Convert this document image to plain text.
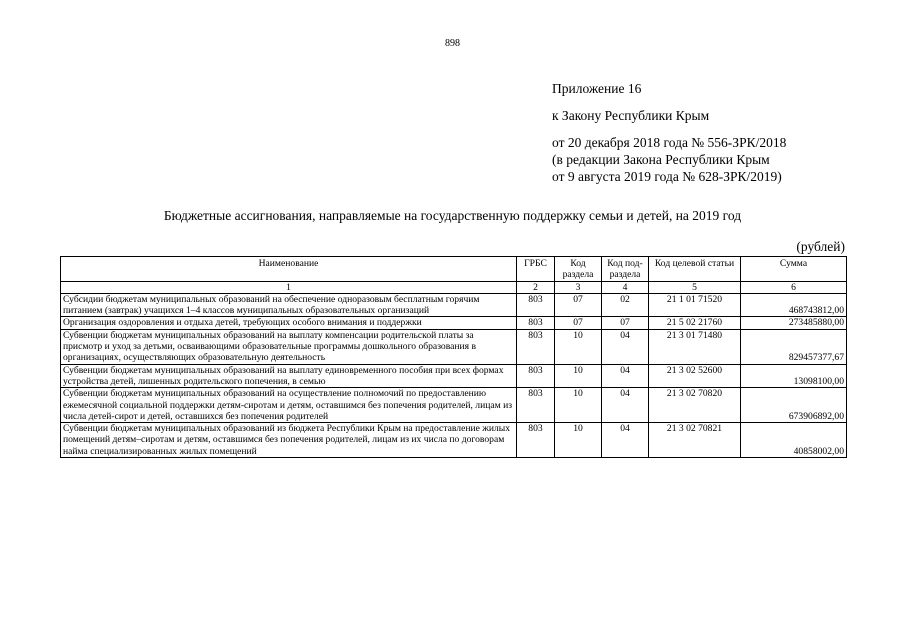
898
Приложение 16
к Закону Республики Крым
от 20 декабря 2018 года № 556-ЗРК/2018
(в редакции Закона Республики Крым
от 9 августа 2019 года № 628-ЗРК/2019)
Бюджетные ассигнования, направляемые на государственную поддержку семьи и детей, на 2019 год
(рублей)
Наименование	ГРБС	Код раздела	Код под-раздела	Код целевой статьи	Сумма
1	2	3	4	5	6
Субсидии бюджетам муниципальных образований на обеспечение одноразовым бесплатным горячим питанием (завтрак) учащихся 1–4 классов муниципальных образовательных организаций	803	07	02	21 1 01 71520	468743812,00
Организация оздоровления и отдыха детей, требующих особого внимания и поддержки	803	07	07	21 5 02 21760	273485880,00
Субвенции бюджетам муниципальных образований на выплату компенсации родительской платы за присмотр и уход за детьми, осваивающими образовательные программы дошкольного образования в организациях, осуществляющих образовательную деятельность	803	10	04	21 3 01 71480	829457377,67
Субвенции бюджетам муниципальных образований на выплату единовременного пособия при всех формах устройства детей, лишенных родительского попечения, в семью	803	10	04	21 3 02 52600	13098100,00
Субвенции бюджетам муниципальных образований на осуществление полномочий по предоставлению ежемесячной социальной поддержки детям-сиротам и детям, оставшимся без попечения родителей, лицам из числа детей-сирот и детей, оставшихся без попечения родителей	803	10	04	21 3 02 70820	673906892,00
Субвенции бюджетам муниципальных образований из бюджета Республики Крым на предоставление жилых помещений детям–сиротам и детям, оставшимся без попечения родителей, лицам из их числа по договорам найма специализированных жилых помещений	803	10	04	21 3 02 70821	40858002,00
